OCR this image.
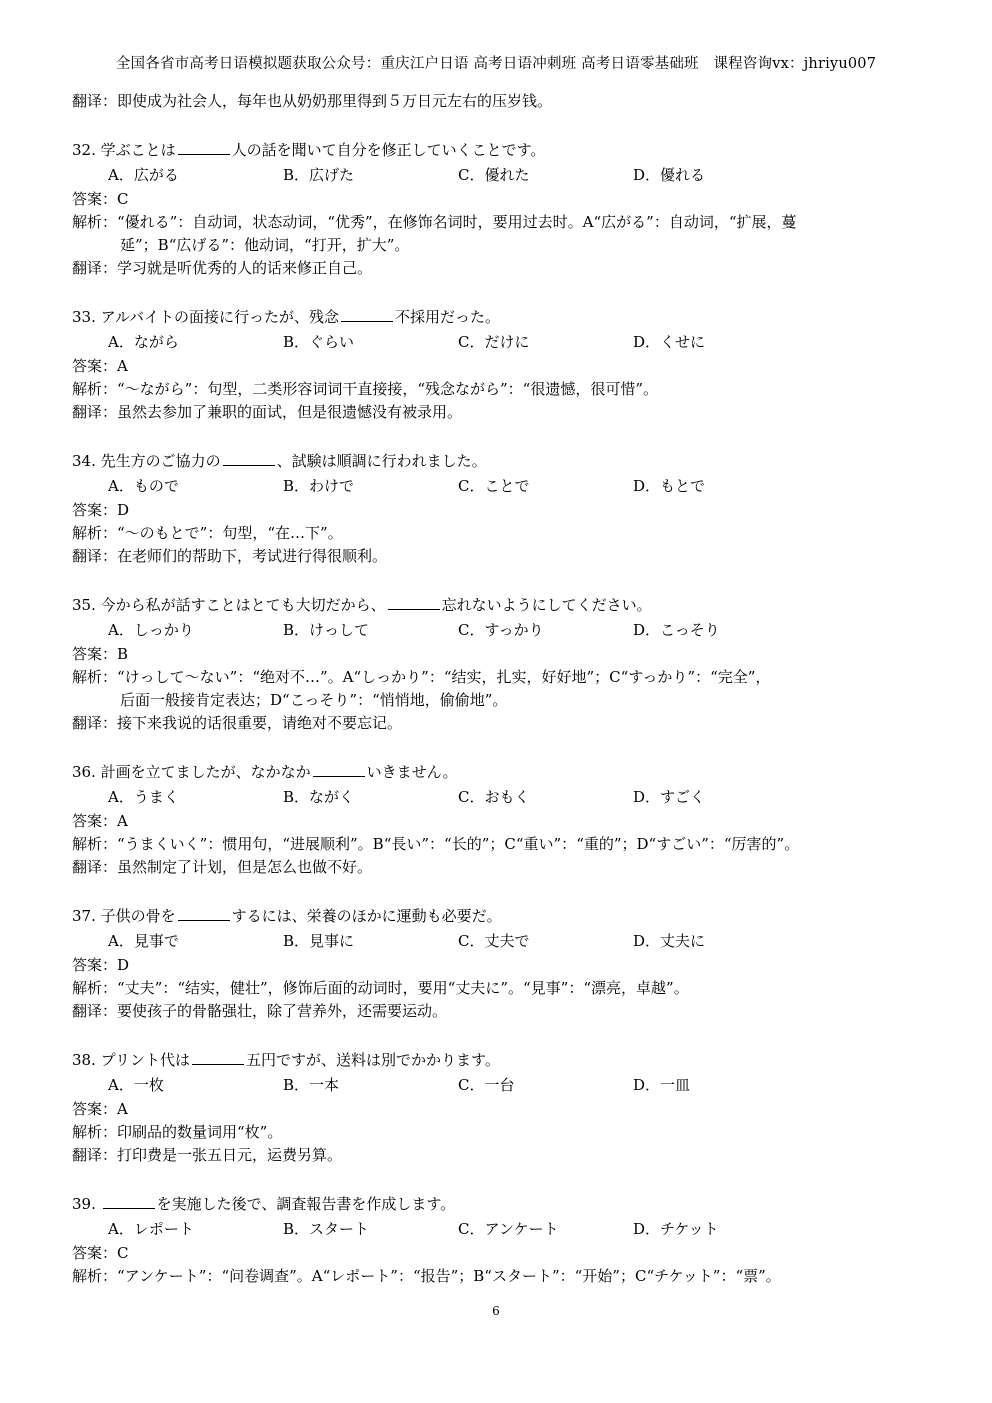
全国各省市高考日语模拟题获取公众号：重庆江户日语 高考日语冲刺班 高考日语零基础班　课程咨询vx：jhriyu007
翻译：即使成为社会人，每年也从奶奶那里得到５万日元左右的压岁钱。
32. 学ぶことは	人の話を聞いて自分を修正していくことです。
A．広がる	B．広げた	C．優れた	D．優れる
答案：C
解析：“優れる”：自动词，状态动词，“优秀”，在修饰名词时，要用过去时。A“広がる”：自动词，“扩展，蔓
延”；B“広げる”：他动词，“打开，扩大”。
翻译：学习就是听优秀的人的话来修正自己。
33. アルバイトの面接に行ったが、残念	不採用だった。
A．ながら	B．ぐらい	C．だけに	D．くせに
答案：A
解析：“～ながら”：句型，二类形容词词干直接接，“残念ながら”：“很遗憾，很可惜”。
翻译：虽然去参加了兼职的面试，但是很遗憾没有被录用。
34. 先生方のご協力の	、試験は順調に行われました。
A．もので	B．わけで	C．ことで	D．もとで
答案：D
解析：“～のもとで”：句型，“在…下”。
翻译：在老师们的帮助下，考试进行得很顺利。
35. 今から私が話すことはとても大切だから、	忘れないようにしてください。
A．しっかり	B．けっして	C．すっかり	D．こっそり
答案：B
解析：“けっして～ない”：“绝对不…”。A“しっかり”：“结实，扎实，好好地”；C“すっかり”：“完全”，
后面一般接肯定表达；D“こっそり”：“悄悄地，偷偷地”。
翻译：接下来我说的话很重要，请绝对不要忘记。
36. 計画を立てましたが、なかなか	いきません。
A．うまく	B．ながく	C．おもく	D．すごく
答案：A
解析：“うまくいく”：惯用句，“进展顺利”。B“長い”：“长的”；C“重い”：“重的”；D“すごい”：“厉害的”。
翻译：虽然制定了计划，但是怎么也做不好。
37. 子供の骨を	するには、栄養のほかに運動も必要だ。
A．見事で	B．見事に	C．丈夫で	D．丈夫に
答案：D
解析：“丈夫”：“结实，健壮”，修饰后面的动词时，要用“丈夫に”。“見事”：“漂亮，卓越”。
翻译：要使孩子的骨骼强壮，除了营养外，还需要运动。
38. プリント代は	五円ですが、送料は別でかかります。
A．一枚	B．一本	C．一台	D．一皿
答案：A
解析：印刷品的数量词用“枚”。
翻译：打印费是一张五日元，运费另算。
39.	を実施した後で、調査報告書を作成します。
A．レポート	B．スタート	C．アンケート	D．チケット
答案：C
解析：“アンケート”：“问卷调查”。A“レポート”：“报告”；B“スタート”：“开始”；C“チケット”：“票”。
6
